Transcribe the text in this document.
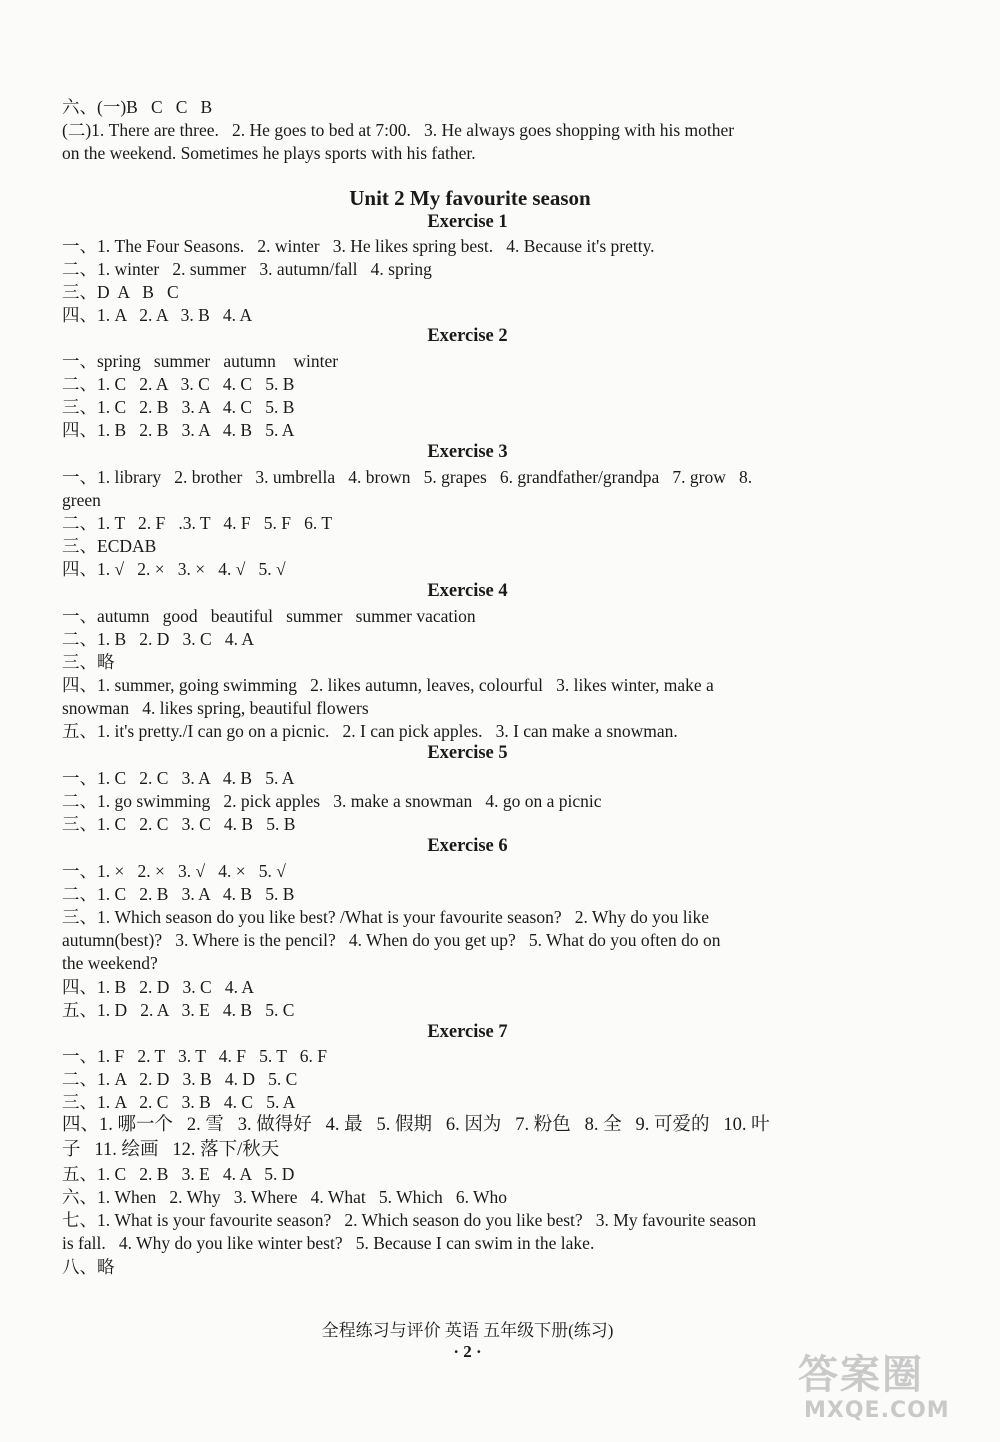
六、(一)B   C   C   B
(二)1. There are three.   2. He goes to bed at 7:00.   3. He always goes shopping with his mother
on the weekend. Sometimes he plays sports with his father.
Unit 2 My favourite season
Exercise 1
一、1. The Four Seasons.   2. winter   3. He likes spring best.   4. Because it's pretty.
二、1. winter   2. summer   3. autumn/fall   4. spring
三、D  A   B   C
四、1. A   2. A   3. B   4. A
Exercise 2
一、spring   summer   autumn    winter
二、1. C   2. A   3. C   4. C   5. B
三、1. C   2. B   3. A   4. C   5. B
四、1. B   2. B   3. A   4. B   5. A
Exercise 3
一、1. library   2. brother   3. umbrella   4. brown   5. grapes   6. grandfather/grandpa   7. grow   8.
green
二、1. T   2. F   .3. T   4. F   5. F   6. T
三、ECDAB
四、1. √   2. ×   3. ×   4. √   5. √
Exercise 4
一、autumn   good   beautiful   summer   summer vacation
二、1. B   2. D   3. C   4. A
三、略
四、1. summer, going swimming   2. likes autumn, leaves, colourful   3. likes winter, make a
snowman   4. likes spring, beautiful flowers
五、1. it's pretty./I can go on a picnic.   2. I can pick apples.   3. I can make a snowman.
Exercise 5
一、1. C   2. C   3. A   4. B   5. A
二、1. go swimming   2. pick apples   3. make a snowman   4. go on a picnic
三、1. C   2. C   3. C   4. B   5. B
Exercise 6
一、1. ×   2. ×   3. √   4. ×   5. √
二、1. C   2. B   3. A   4. B   5. B
三、1. Which season do you like best? /What is your favourite season?   2. Why do you like
autumn(best)?   3. Where is the pencil?   4. When do you get up?   5. What do you often do on
the weekend?
四、1. B   2. D   3. C   4. A
五、1. D   2. A   3. E   4. B   5. C
Exercise 7
一、1. F   2. T   3. T   4. F   5. T   6. F
二、1. A   2. D   3. B   4. D   5. C
三、1. A   2. C   3. B   4. C   5. A
四、1. 哪一个   2. 雪   3. 做得好   4. 最   5. 假期   6. 因为   7. 粉色   8. 全   9. 可爱的   10. 叶
子   11. 绘画   12. 落下/秋天
五、1. C   2. B   3. E   4. A   5. D
六、1. When   2. Why   3. Where   4. What   5. Which   6. Who
七、1. What is your favourite season?   2. Which season do you like best?   3. My favourite season
is fall.   4. Why do you like winter best?   5. Because I can swim in the lake.
八、略
全程练习与评价 英语 五年级下册(练习)
· 2 ·
答案圈
MXQE.COM
